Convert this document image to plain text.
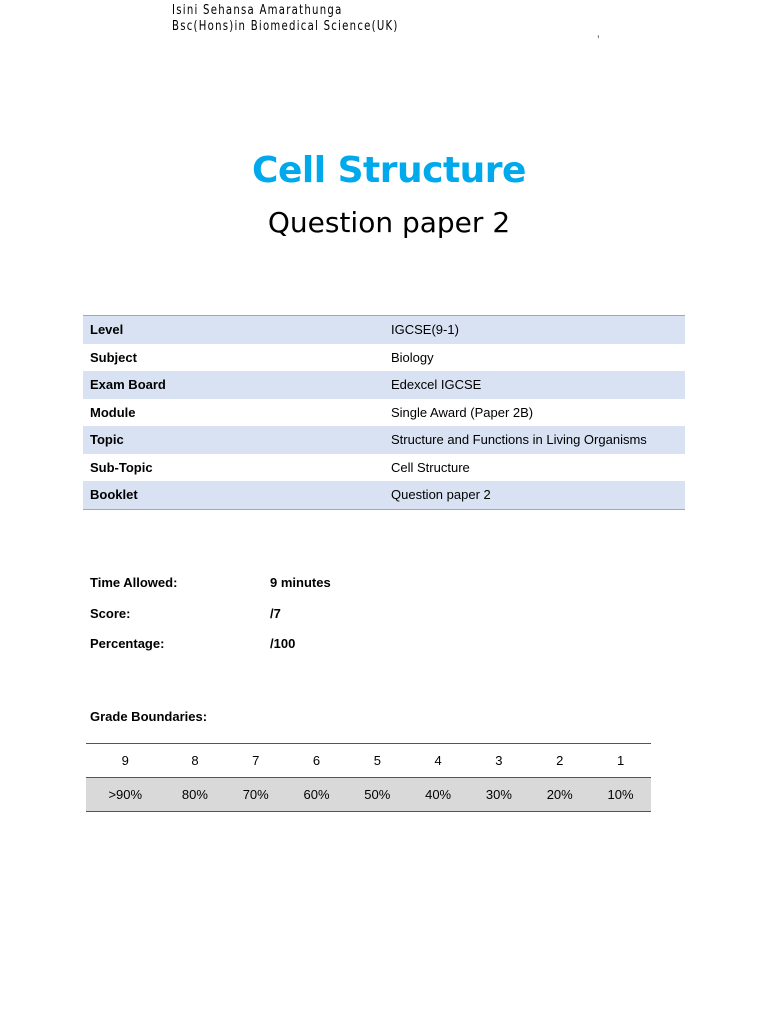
Isini Sehansa Amarathunga
Bsc(Hons)in Biomedical Science(UK)
’
Cell Structure
Question paper 2
Level	IGCSE(9-1)
Subject	Biology
Exam Board	Edexcel IGCSE
Module	Single Award (Paper 2B)
Topic	Structure and Functions in Living Organisms
Sub-Topic	Cell Structure
Booklet	Question paper 2
Time Allowed:	9 minutes
Score:	/7
Percentage:	/100
Grade Boundaries:
9	8	7	6	5	4	3	2	1
>90%	80%	70%	60%	50%	40%	30%	20%	10%
